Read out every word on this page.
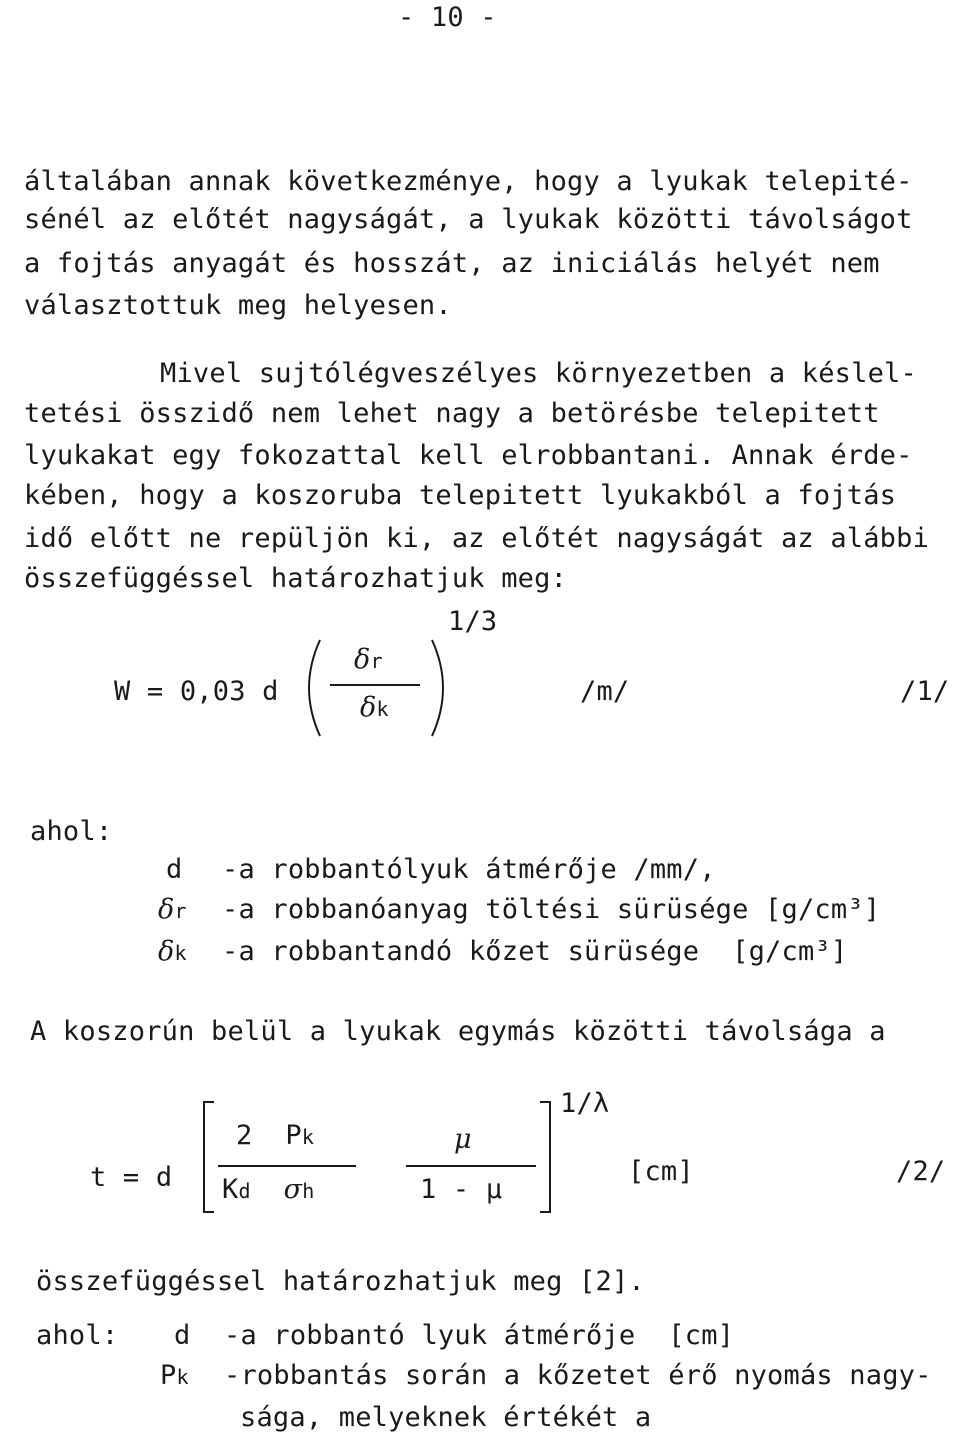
- 10 -
általában annak következménye, hogy a lyukak telepité-
sénél az előtét nagyságát, a lyukak közötti távolságot
a fojtás anyagát és hosszát, az iniciálás helyét nem
választottuk meg helyesen.
Mivel sujtólégveszélyes környezetben a késlel-
tetési összidő nem lehet nagy a betörésbe telepitett
lyukakat egy fokozattal kell elrobbantani. Annak érde-
kében, hogy a koszoruba telepitett lyukakból a fojtás
idő előtt ne repüljön ki, az előtét nagyságát az alábbi
összefüggéssel határozhatjuk meg:
1/3
W = 0,03 d
δr
δk
/m/	/1/
ahol:
d -a robbantólyuk átmérője /mm/,
δr -a robbanóanyag töltési sürüsége [g/cm³]
δk -a robbantandó kőzet sürüsége  [g/cm³]
A koszorún belül a lyukak egymás közötti távolsága a
1/λ
t = d
2  Pk
Kd σh
μ
1 - μ
[cm]	/2/
összefüggéssel határozhatjuk meg [2].
ahol: d -a robbantó lyuk átmérője  [cm]
Pk -robbantás során a kőzetet érő nyomás nagy-
sága, melyeknek értékét a
